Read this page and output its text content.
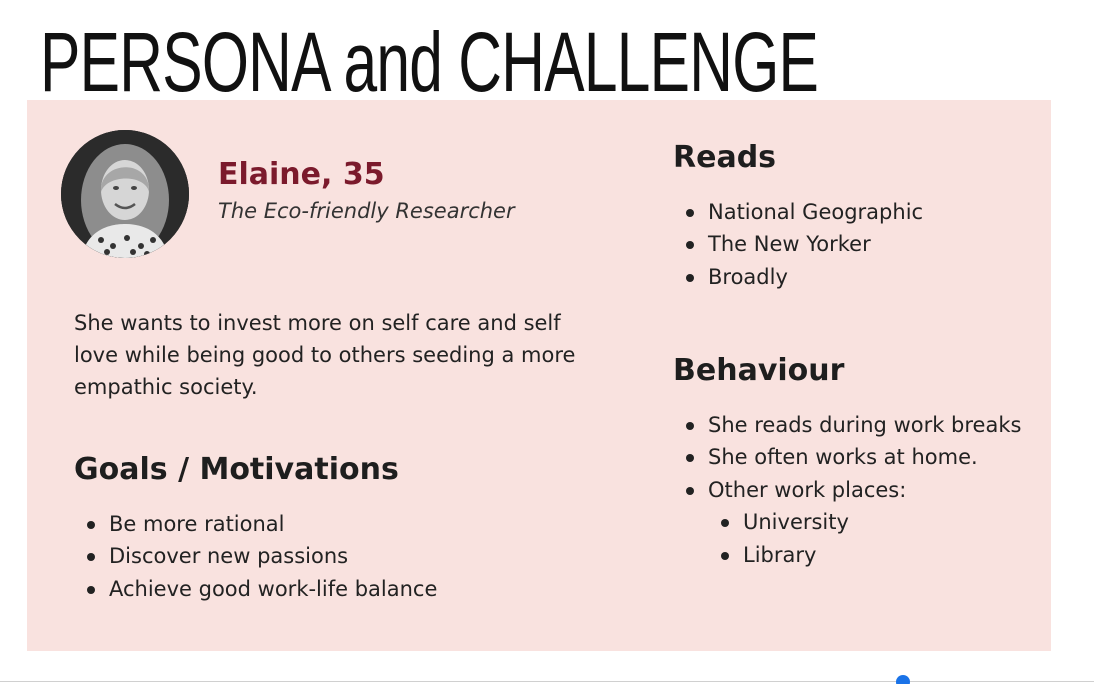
PERSONA and CHALLENGE
Elaine, 35
The Eco-friendly Researcher

She wants to invest more on self care and self love while being good to others seeding a more empathic society.

Goals / Motivations
Be more rational
Discover new passions
Achieve good work-life balance
Reads
National Geographic
The New Yorker
Broadly
Behaviour
She reads during work breaks
She often works at home.
Other work places:
University
Library
